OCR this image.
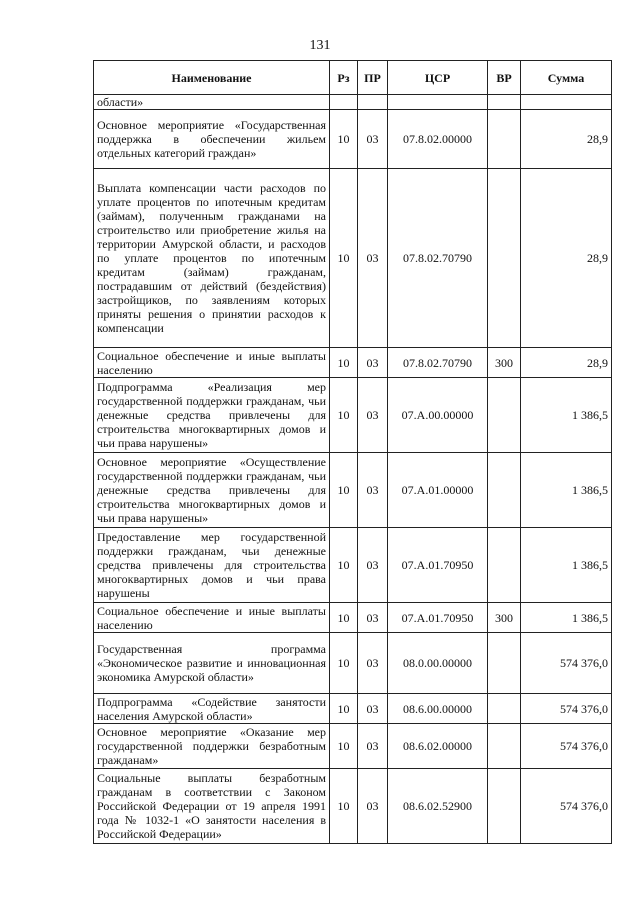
131
Наименование	Рз	ПР	ЦСР	ВР	Сумма
области»					
Основное мероприятие «Государственная поддержка в обеспечении жильем отдельных категорий граждан»	10	03	07.8.02.00000		28,9
Выплата компенсации части расходов по уплате процентов по ипотечным кредитам (займам), полученным гражданами на строительство или приобретение жилья на территории Амурской области, и расходов по уплате процентов по ипотечным кредитам (займам) гражданам, пострадавшим от действий (бездействия) застройщиков, по заявлениям которых приняты решения о принятии расходов к компенсации	10	03	07.8.02.70790		28,9
Социальное обеспечение и иные выплаты населению	10	03	07.8.02.70790	300	28,9
Подпрограмма «Реализация мер государственной поддержки гражданам, чьи денежные средства привлечены для строительства многоквартирных домов и чьи права нарушены»	10	03	07.А.00.00000		1 386,5
Основное мероприятие «Осуществление государственной поддержки гражданам, чьи денежные средства привлечены для строительства многоквартирных домов и чьи права нарушены»	10	03	07.А.01.00000		1 386,5
Предоставление мер государственной поддержки гражданам, чьи денежные средства привлечены для строительства многоквартирных домов и чьи права нарушены	10	03	07.А.01.70950		1 386,5
Социальное обеспечение и иные выплаты населению	10	03	07.А.01.70950	300	1 386,5
Государственная программа «Экономическое развитие и инновационная экономика Амурской области»	10	03	08.0.00.00000		574 376,0
Подпрограмма «Содействие занятости населения Амурской области»	10	03	08.6.00.00000		574 376,0
Основное мероприятие «Оказание мер государственной поддержки безработным гражданам»	10	03	08.6.02.00000		574 376,0
Социальные выплаты безработным гражданам в соответствии с Законом Российской Федерации от 19 апреля 1991 года № 1032-1 «О занятости населения в Российской Федерации»	10	03	08.6.02.52900		574 376,0
